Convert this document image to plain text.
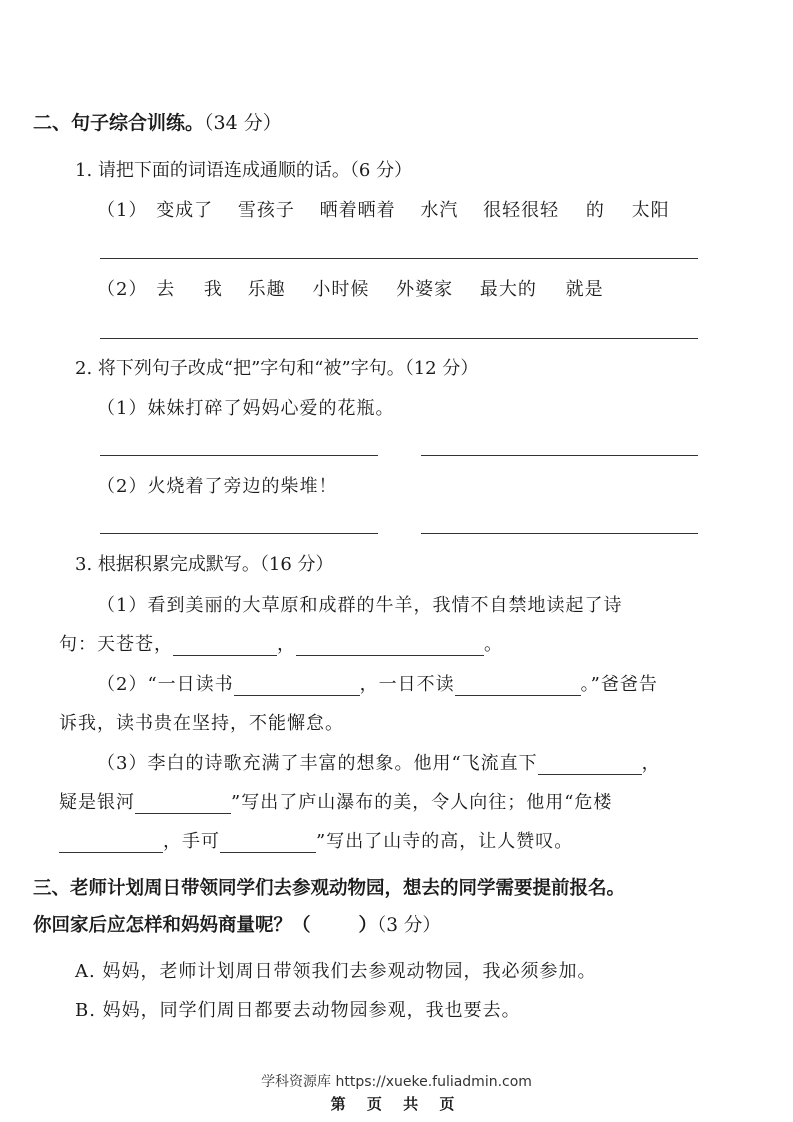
二、句子综合训练。（34 分）
1. 请把下面的词语连成通顺的话。（6 分）
（1） 变成了 雪孩子 晒着晒着 水汽 很轻很轻 的 太阳
（2） 去 我 乐趣 小时候 外婆家 最大的 就是
2. 将下列句子改成“把”字句和“被”字句。（12 分）
（1）妹妹打碎了妈妈心爱的花瓶。
（2）火烧着了旁边的柴堆！
3. 根据积累完成默写。（16 分）
（1）看到美丽的大草原和成群的牛羊，我情不自禁地读起了诗
句：天苍苍，	，	。
（2）“一日读书	，一日不读	。”爸爸告
诉我，读书贵在坚持，不能懈怠。
（3）李白的诗歌充满了丰富的想象。他用“飞流直下	，
疑是银河	”写出了庐山瀑布的美，令人向往；他用“危楼
，手可	”写出了山寺的高，让人赞叹。
三、老师计划周日带领同学们去参观动物园，想去的同学需要提前报名。
你回家后应怎样和妈妈商量呢？（	）（3 分）
A. 妈妈，老师计划周日带领我们去参观动物园，我必须参加。
B. 妈妈，同学们周日都要去动物园参观，我也要去。
学科资源库 https://xueke.fuliadmin.com
第 页 共 页
